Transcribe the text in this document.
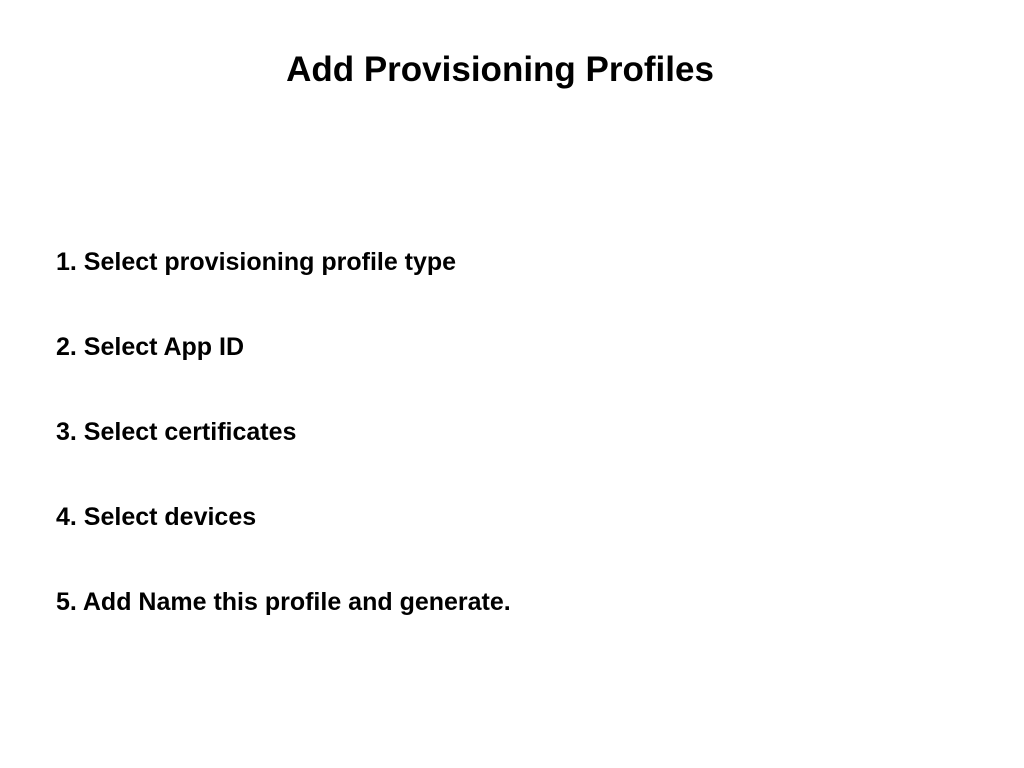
Add Provisioning Profiles
1. Select provisioning profile type
2. Select App ID
3. Select certificates
4. Select devices
5. Add Name this profile and generate.
